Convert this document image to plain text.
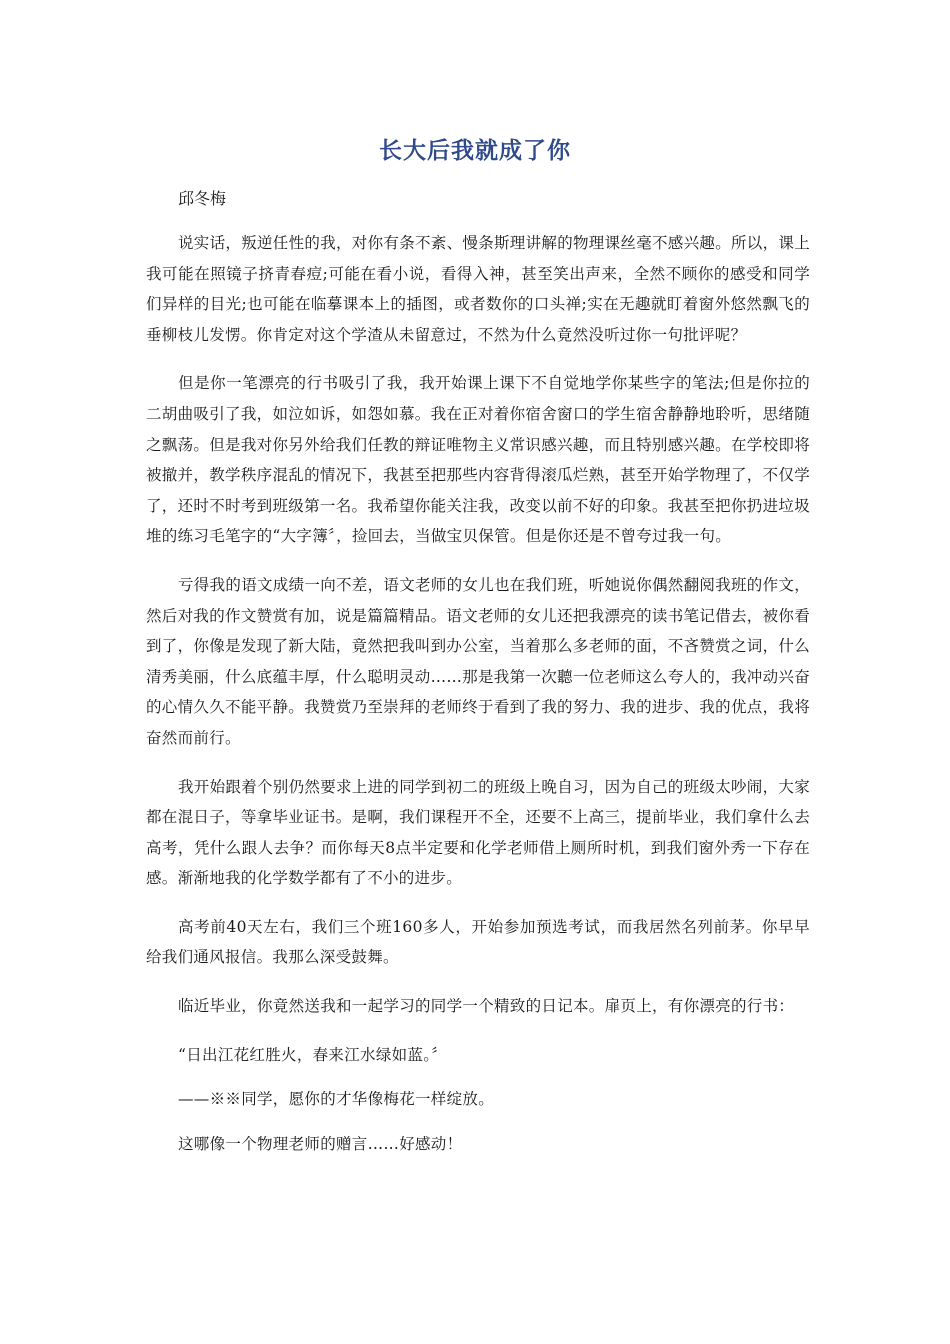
长大后我就成了你

邱冬梅

说实话，叛逆任性的我，对你有条不紊、慢条斯理讲解的物理课丝毫不感兴趣。所以，课上我可能在照镜子挤青春痘;可能在看小说，看得入神，甚至笑出声来，全然不顾你的感受和同学们异样的目光;也可能在临摹课本上的插图，或者数你的口头禅;实在无趣就盯着窗外悠然飘飞的垂柳枝儿发愣。你肯定对这个学渣从未留意过，不然为什么竟然没听过你一句批评呢？

但是你一笔漂亮的行书吸引了我，我开始课上课下不自觉地学你某些字的笔法;但是你拉的二胡曲吸引了我，如泣如诉，如怨如慕。我在正对着你宿舍窗口的学生宿舍静静地聆听，思绪随之飘荡。但是我对你另外给我们任教的辩证唯物主义常识感兴趣，而且特别感兴趣。在学校即将被撤并，教学秩序混乱的情况下，我甚至把那些内容背得滚瓜烂熟，甚至开始学物理了，不仅学了，还时不时考到班级第一名。我希望你能关注我，改变以前不好的印象。我甚至把你扔进垃圾堆的练习毛笔字的“大字簿〞，捡回去，当做宝贝保管。但是你还是不曾夸过我一句。

亏得我的语文成绩一向不差，语文老师的女儿也在我们班，听她说你偶然翻阅我班的作文，然后对我的作文赞赏有加，说是篇篇精品。语文老师的女儿还把我漂亮的读书笔记借去，被你看到了，你像是发现了新大陆，竟然把我叫到办公室，当着那么多老师的面，不吝赞赏之词，什么清秀美丽，什么底蕴丰厚，什么聪明灵动……那是我第一次聽一位老师这么夸人的，我冲动兴奋的心情久久不能平静。我赞赏乃至崇拜的老师终于看到了我的努力、我的进步、我的优点，我将奋然而前行。

我开始跟着个别仍然要求上进的同学到初二的班级上晚自习，因为自己的班级太吵闹，大家都在混日子，等拿毕业证书。是啊，我们课程开不全，还要不上高三，提前毕业，我们拿什么去高考，凭什么跟人去争？而你每天8点半定要和化学老师借上厕所时机，到我们窗外秀一下存在感。渐渐地我的化学数学都有了不小的进步。

高考前40天左右，我们三个班160多人，开始参加预选考试，而我居然名列前茅。你早早给我们通风报信。我那么深受鼓舞。

临近毕业，你竟然送我和一起学习的同学一个精致的日记本。扉页上，有你漂亮的行书：

“日出江花红胜火，春来江水绿如蓝。〞

——※※同学，愿你的才华像梅花一样绽放。

这哪像一个物理老师的赠言……好感动！
